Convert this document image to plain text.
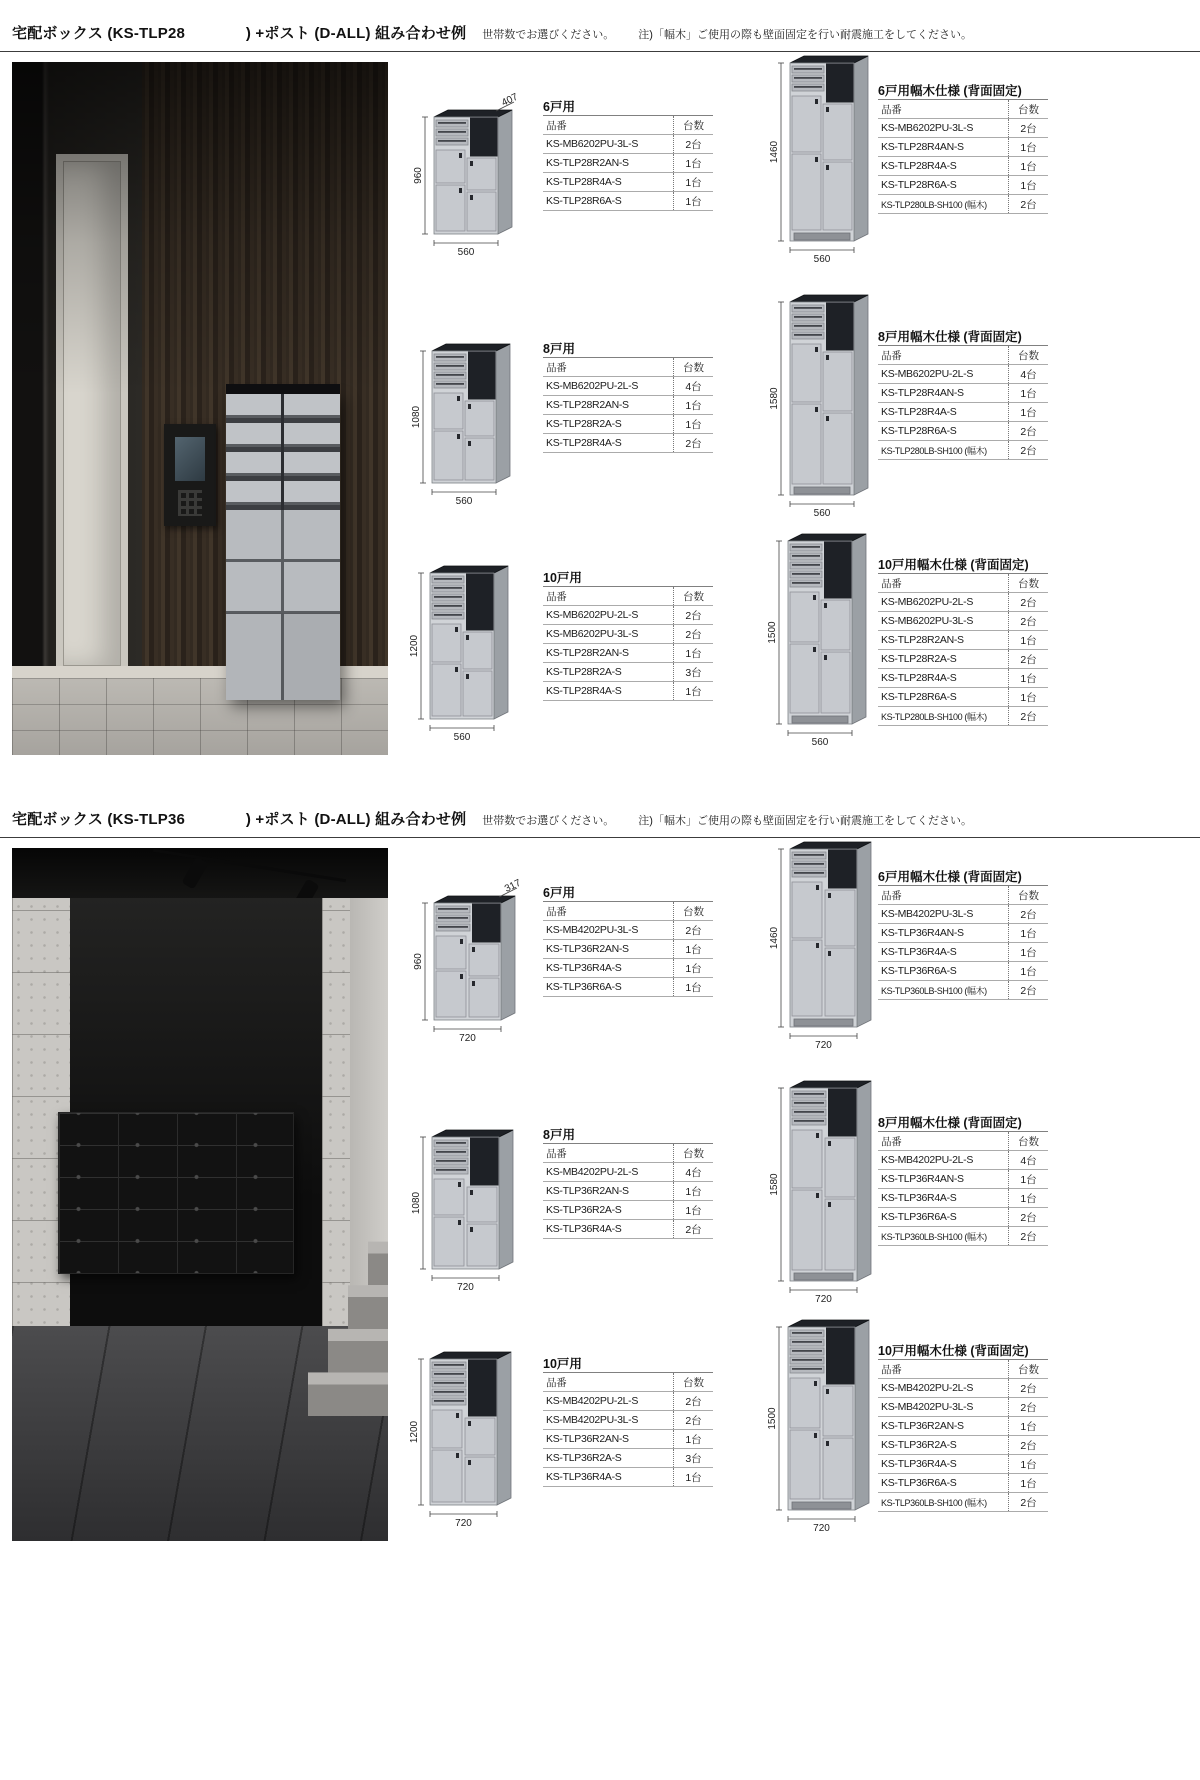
宅配ボックス (KS-TLP28　　　　) +ポスト (D-ALL) 組み合わせ例 世帯数でお選びください。 注)「幅木」ご使用の際も壁面固定を行い耐震施工をしてください。
960
560
407 6戸用
品番	台数
KS-MB6202PU-3L-S	2台
KS-TLP28R2AN-S	1台
KS-TLP28R4A-S	1台
KS-TLP28R6A-S	1台
1080
560
8戸用
品番	台数
KS-MB6202PU-2L-S	4台
KS-TLP28R2AN-S	1台
KS-TLP28R2A-S	1台
KS-TLP28R4A-S	2台
1200
560
10戸用
品番	台数
KS-MB6202PU-2L-S	2台
KS-MB6202PU-3L-S	2台
KS-TLP28R2AN-S	1台
KS-TLP28R2A-S	3台
KS-TLP28R4A-S	1台
1460
560
6戸用幅木仕様 (背面固定)
品番	台数
KS-MB6202PU-3L-S	2台
KS-TLP28R4AN-S	1台
KS-TLP28R4A-S	1台
KS-TLP28R6A-S	1台
KS-TLP280LB-SH100 (幅木)	2台
1580
560
8戸用幅木仕様 (背面固定)
品番	台数
KS-MB6202PU-2L-S	4台
KS-TLP28R4AN-S	1台
KS-TLP28R4A-S	1台
KS-TLP28R6A-S	2台
KS-TLP280LB-SH100 (幅木)	2台
1500
560
10戸用幅木仕様 (背面固定)
品番	台数
KS-MB6202PU-2L-S	2台
KS-MB6202PU-3L-S	2台
KS-TLP28R2AN-S	1台
KS-TLP28R2A-S	2台
KS-TLP28R4A-S	1台
KS-TLP28R6A-S	1台
KS-TLP280LB-SH100 (幅木)	2台
宅配ボックス (KS-TLP36　　　　) +ポスト (D-ALL) 組み合わせ例 世帯数でお選びください。 注)「幅木」ご使用の際も壁面固定を行い耐震施工をしてください。
960
720
317 6戸用
品番	台数
KS-MB4202PU-3L-S	2台
KS-TLP36R2AN-S	1台
KS-TLP36R4A-S	1台
KS-TLP36R6A-S	1台
1080
720
8戸用
品番	台数
KS-MB4202PU-2L-S	4台
KS-TLP36R2AN-S	1台
KS-TLP36R2A-S	1台
KS-TLP36R4A-S	2台
1200
720
10戸用
品番	台数
KS-MB4202PU-2L-S	2台
KS-MB4202PU-3L-S	2台
KS-TLP36R2AN-S	1台
KS-TLP36R2A-S	3台
KS-TLP36R4A-S	1台
1460
720
6戸用幅木仕様 (背面固定)
品番	台数
KS-MB4202PU-3L-S	2台
KS-TLP36R4AN-S	1台
KS-TLP36R4A-S	1台
KS-TLP36R6A-S	1台
KS-TLP360LB-SH100 (幅木)	2台
1580
720
8戸用幅木仕様 (背面固定)
品番	台数
KS-MB4202PU-2L-S	4台
KS-TLP36R4AN-S	1台
KS-TLP36R4A-S	1台
KS-TLP36R6A-S	2台
KS-TLP360LB-SH100 (幅木)	2台
1500
720
10戸用幅木仕様 (背面固定)
品番	台数
KS-MB4202PU-2L-S	2台
KS-MB4202PU-3L-S	2台
KS-TLP36R2AN-S	1台
KS-TLP36R2A-S	2台
KS-TLP36R4A-S	1台
KS-TLP36R6A-S	1台
KS-TLP360LB-SH100 (幅木)	2台
